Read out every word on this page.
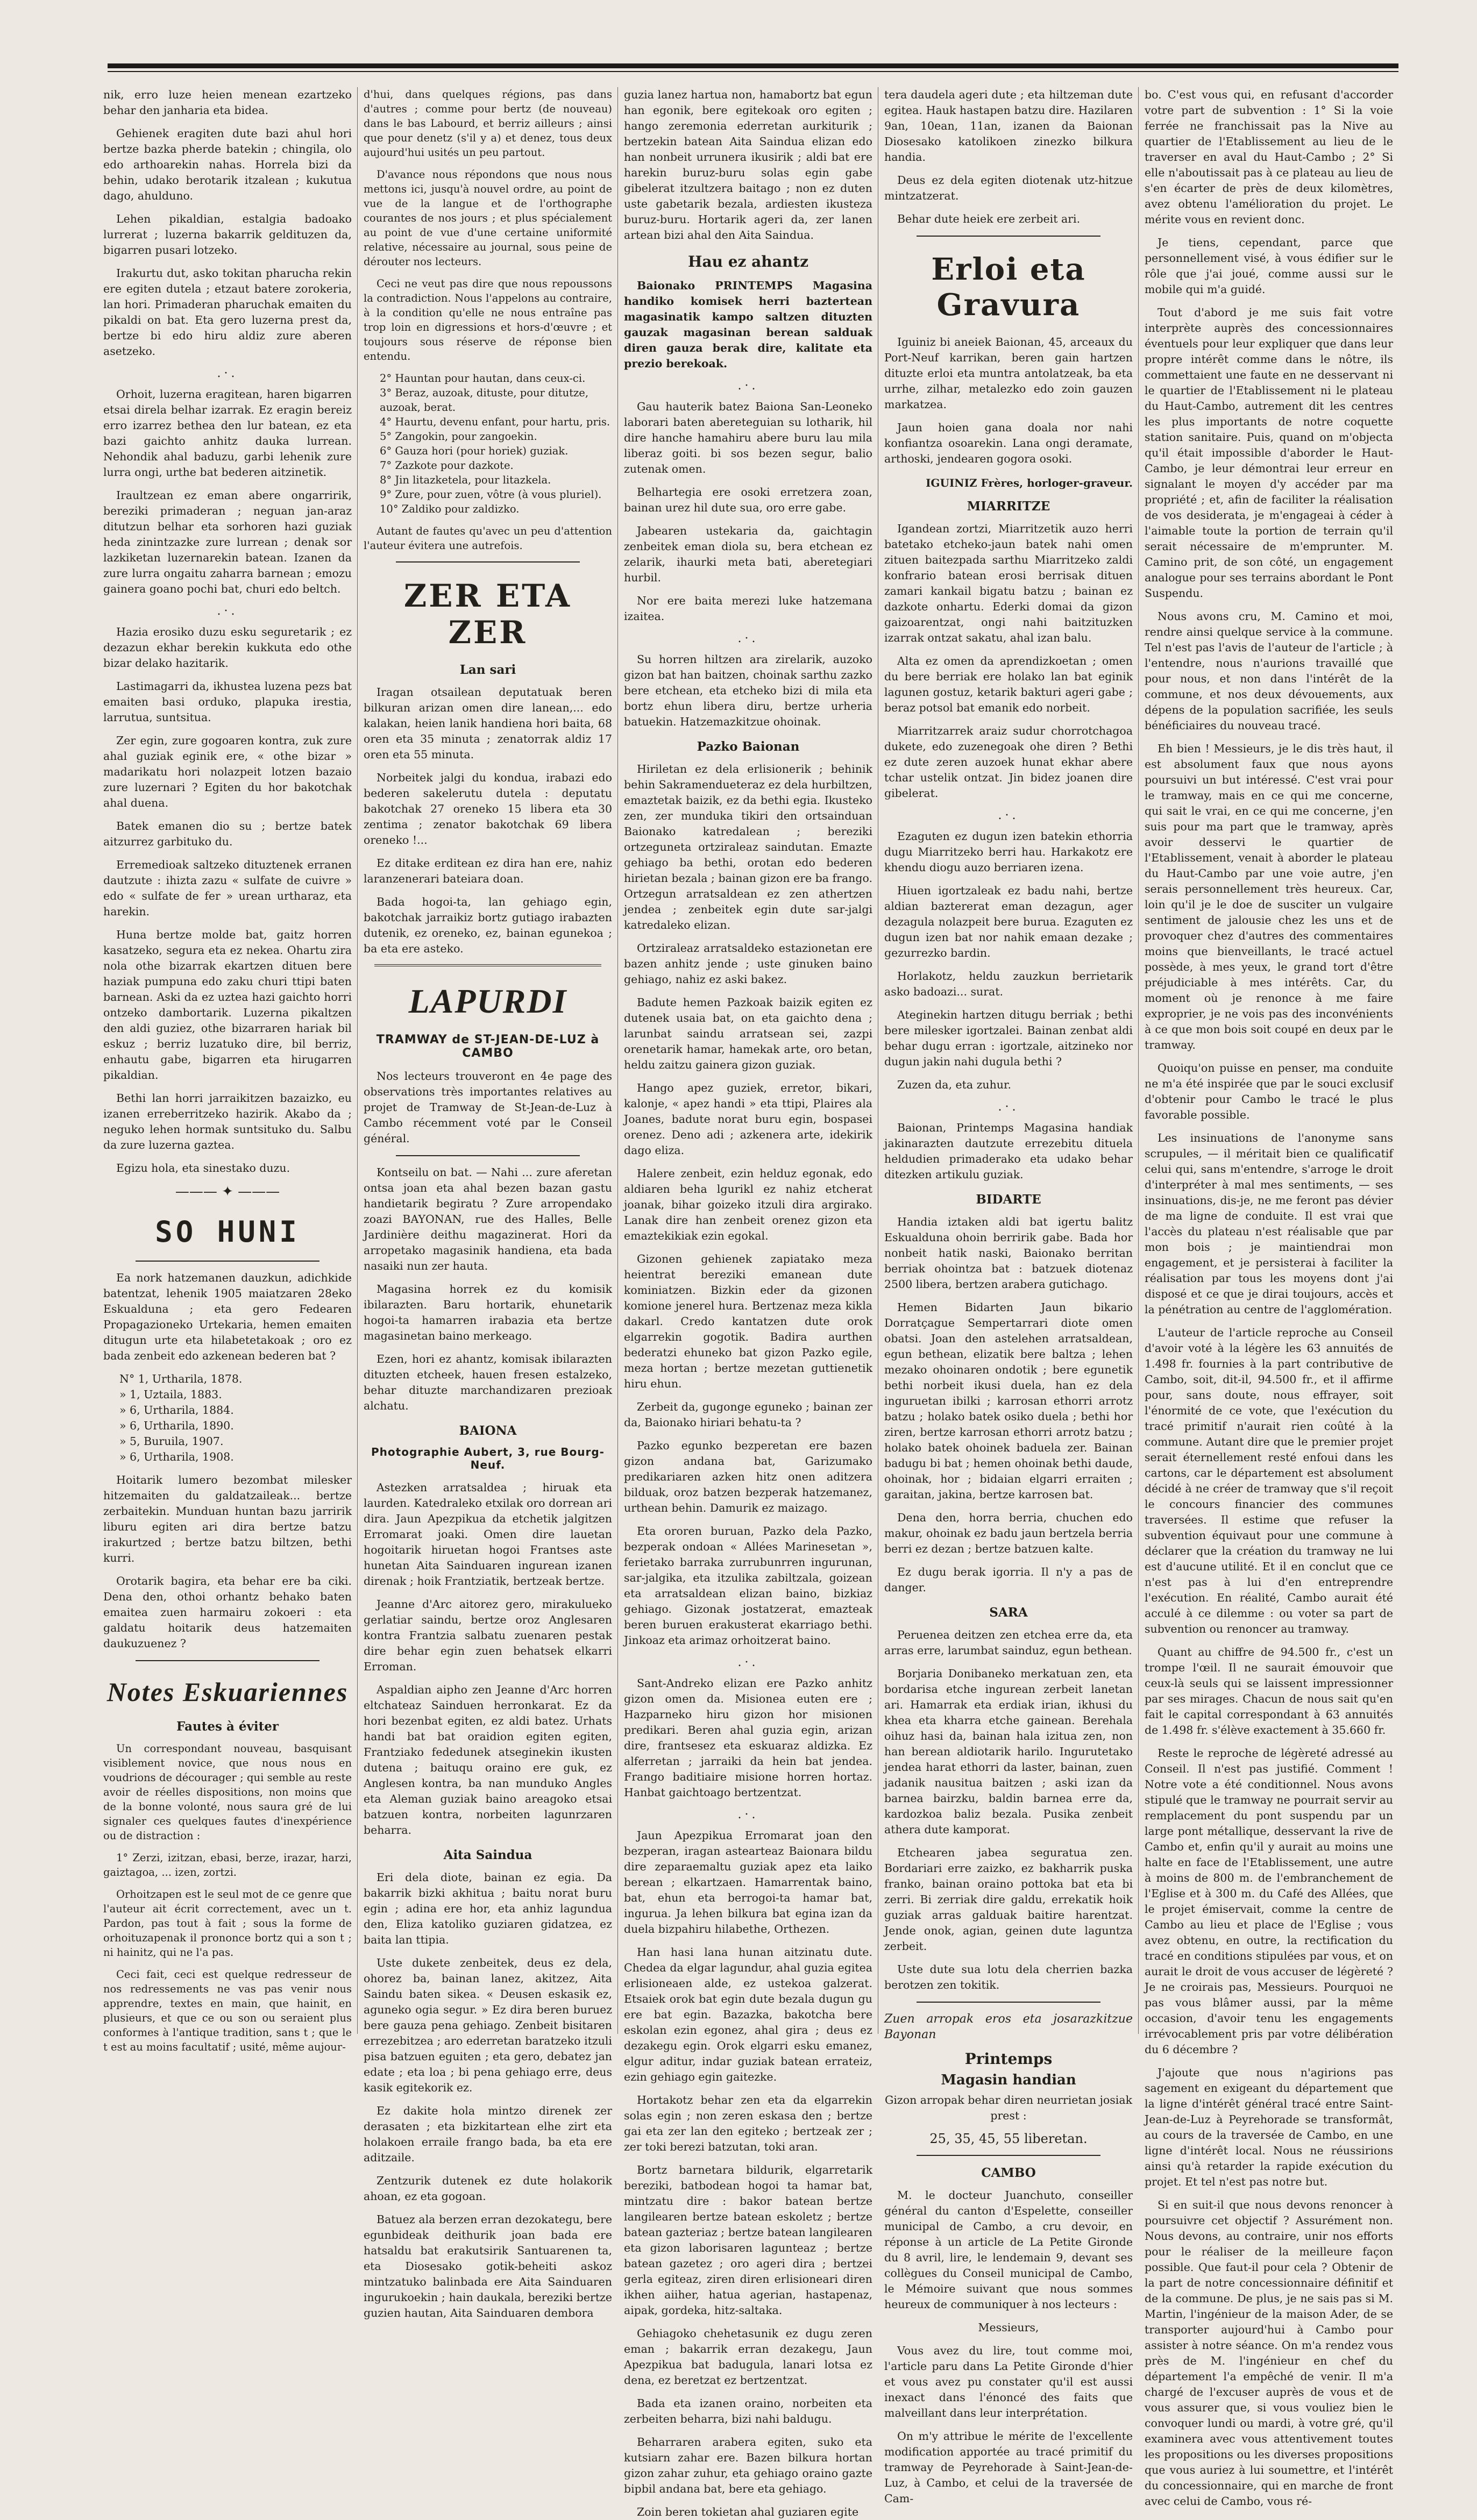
nik, erro luze heien menean ezartzeko behar den janharia eta bidea.

Gehienek eragiten dute bazi ahul hori bertze bazka pherde batekin ; chingila, olo edo arthoarekin nahas. Horrela bizi da behin, udako berotarik itzalean ; kukutua dago, ahulduno.

Lehen pikaldian, estalgia badoako lurrerat ; luzerna bakarrik geldituzen da, bigarren pusari lotzeko.

Irakurtu dut, asko tokitan pharucha rekin ere egiten dutela ; etzaut batere zorokeria, lan hori. Primaderan pharuchak emaiten du pikaldi on bat. Eta gero luzerna prest da, bertze bi edo hiru aldiz zure aberen asetzeko.

.·.

Orhoit, luzerna eragitean, haren bigarren etsai direla belhar izarrak. Ez eragin bereiz erro izarrez bethea den lur batean, ez eta bazi gaichto anhitz dauka lurrean. Nehondik ahal baduzu, garbi lehenik zure lurra ongi, urthe bat bederen aitzinetik.

Iraultzean ez eman abere ongarririk, bereziki primaderan ; neguan jan-araz ditutzun belhar eta sorhoren hazi guziak heda zinintzazke zure lurrean ; denak sor lazkiketan luzernarekin batean. Izanen da zure lurra ongaitu zaharra barnean ; emozu gainera goano pochi bat, churi edo beltch.

.·.

Hazia erosiko duzu esku seguretarik ; ez dezazun ekhar berekin kukkuta edo othe bizar delako hazitarik.

Lastimagarri da, ikhustea luzena pezs bat emaiten basi orduko, plapuka irestia, larrutua, suntsitua.

Zer egin, zure gogoaren kontra, zuk zure ahal guziak eginik ere, « othe bizar » madarikatu hori nolazpeit lotzen bazaio zure luzernari ? Egiten du hor bakotchak ahal duena.

Batek emanen dio su ; bertze batek aitzurrez garbituko du.

Erremedioak saltzeko dituztenek erranen dautzute : ihizta zazu « sulfate de cuivre » edo « sulfate de fer » urean urtharaz, eta harekin.

Huna bertze molde bat, gaitz horren kasatzeko, segura eta ez nekea. Ohartu zira nola othe bizarrak ekartzen dituen bere haziak pumpuna edo zaku churi ttipi baten barnean. Aski da ez uztea hazi gaichto horri ontzeko dambortarik. Luzerna pikaltzen den aldi guziez, othe bizarraren hariak bil eskuz ; berriz luzatuko dire, bil berriz, enhautu gabe, bigarren eta hirugarren pikaldian.

Bethi lan horri jarraikitzen bazaizko, eu izanen erreberritzeko hazirik. Akabo da ; neguko lehen hormak suntsituko du. Salbu da zure luzerna gaztea.

Egizu hola, eta sinestako duzu.

——— ✦ ———
SO HUNI

Ea nork hatzemanen dauzkun, adichkide batentzat, lehenik 1905 maiatzaren 28eko Eskualduna ; eta gero Fedearen Propagazioneko Urtekaria, hemen emaiten ditugun urte eta hilabetetakoak ; oro ez bada zenbeit edo azkenean bederen bat ?

N° 1, Urtharila, 1878.
» 1, Uztaila, 1883.
» 6, Urtharila, 1884.
» 6, Urtharila, 1890.
» 5, Buruila, 1907.
» 6, Urtharila, 1908.

Hoitarik lumero bezombat milesker hitzemaiten du galdatzaileak... bertze zerbaitekin. Munduan huntan bazu jarririk liburu egiten ari dira bertze batzu irakurtzed ; bertze batzu biltzen, bethi kurri.

Orotarik bagira, eta behar ere ba ciki. Dena den, othoi orhantz behako baten emaitea zuen harmairu zokoeri : eta galdatu hoitarik deus hatzemaiten daukuzuenez ?

Notes Eskuariennes
Fautes à éviter

Un correspondant nouveau, basquisant visiblement novice, que nous nous en voudrions de décourager ; qui semble au reste avoir de réelles dispositions, non moins que de la bonne volonté, nous saura gré de lui signaler ces quelques fautes d'inexpérience ou de distraction :

1° Zerzi, izitzan, ebasi, berze, irazar, harzi, gaiztagoa, ... izen, zortzi.

Orhoitzapen est le seul mot de ce genre que l'auteur ait écrit correctement, avec un t. Pardon, pas tout à fait ; sous la forme de orhoituzapenak il prononce bortz qui a son t ; ni hainitz, qui ne l'a pas.

Ceci fait, ceci est quelque redresseur de nos redressements ne vas pas venir nous apprendre, textes en main, que hainit, en plusieurs, et que ce ou son ou seraient plus conformes à l'antique tradition, sans t ; que le t est au moins facultatif ; usité, même aujour-

d'hui, dans quelques régions, pas dans d'autres ; comme pour bertz (de nouveau) dans le bas Labourd, et berriz ailleurs ; ainsi que pour denetz (s'il y a) et denez, tous deux aujourd'hui usités un peu partout.

D'avance nous répondons que nous nous mettons ici, jusqu'à nouvel ordre, au point de vue de la langue et de l'orthographe courantes de nos jours ; et plus spécialement au point de vue d'une certaine uniformité relative, nécessaire au journal, sous peine de dérouter nos lecteurs.

Ceci ne veut pas dire que nous repoussons la contradiction. Nous l'appelons au contraire, à la condition qu'elle ne nous entraîne pas trop loin en digressions et hors-d'œuvre ; et toujours sous réserve de réponse bien entendu.

2° Hauntan pour hautan, dans ceux-ci.
3° Beraz, auzoak, dituste, pour ditutze, auzoak, berat.
4° Haurtu, devenu enfant, pour hartu, pris.
5° Zangokin, pour zangoekin.
6° Gauza hori (pour horiek) guziak.
7° Zazkote pour dazkote.
8° Jin litazketela, pour litazkela.
9° Zure, pour zuen, vôtre (à vous pluriel).
10° Zaldiko pour zaldizko.

Autant de fautes qu'avec un peu d'attention l'auteur évitera une autrefois.

ZER ETA ZER
Lan sari

Iragan otsailean deputatuak beren bilkuran arizan omen dire lanean,... edo kalakan, heien lanik handiena hori baita, 68 oren eta 35 minuta ; zenatorrak aldiz 17 oren eta 55 minuta.

Norbeitek jalgi du kondua, irabazi edo bederen sakelerutu dutela : deputatu bakotchak 27 oreneko 15 libera eta 30 zentima ; zenator bakotchak 69 libera oreneko !...

Ez ditake erditean ez dira han ere, nahiz laranzenerari bateiara doan.

Bada hogoi-ta, lan gehiago egin, bakotchak jarraikiz bortz gutiago irabazten dutenik, ez oreneko, ez, bainan egunekoa ; ba eta ere asteko.

LAPURDI
TRAMWAY de ST-JEAN-DE-LUZ à CAMBO

Nos lecteurs trouveront en 4e page des observations très importantes relatives au projet de Tramway de St-Jean-de-Luz à Cambo récemment voté par le Conseil général.

Kontseilu on bat. — Nahi ... zure aferetan ontsa joan eta ahal bezen bazan gastu handietarik begiratu ? Zure arropendako zoazi BAYONAN, rue des Halles, Belle Jardinière deithu magazinerat. Hori da arropetako magasinik handiena, eta bada nasaiki nun zer hauta.

Magasina horrek ez du komisik ibilarazten. Baru hortarik, ehunetarik hogoi-ta hamarren irabazia eta bertze magasinetan baino merkeago.

Ezen, hori ez ahantz, komisak ibilarazten dituzten etcheek, hauen fresen estalzeko, behar dituzte marchandizaren prezioak alchatu.

BAIONA
Photographie Aubert, 3, rue Bourg-Neuf.

Astezken arratsaldea ; hiruak eta laurden. Katedraleko etxilak oro dorrean ari dira. Jaun Apezpikua da etchetik jalgitzen Erromarat joaki. Omen dire lauetan hogoitarik hiruetan hogoi Frantses aste hunetan Aita Sainduaren ingurean izanen direnak ; hoik Frantziatik, bertzeak bertze.

Jeanne d'Arc aitorez gero, mirakulueko gerlatiar saindu, bertze oroz Anglesaren kontra Frantzia salbatu zuenaren pestak dire behar egin zuen behatsek elkarri Erroman.

Aspaldian aipho zen Jeanne d'Arc horren eltchateaz Sainduen herronkarat. Ez da hori bezenbat egiten, ez aldi batez. Urhats handi bat bat oraidion egiten egiten, Frantziako fededunek atseginekin ikusten dutena ; baituqu oraino ere guk, ez Anglesen kontra, ba nan munduko Angles eta Aleman guziak baino areagoko etsai batzuen kontra, norbeiten lagunrzaren beharra.

Aita Saindua

Eri dela diote, bainan ez egia. Da bakarrik bizki akhitua ; baitu norat buru egin ; adina ere hor, eta anhiz lagundua den, Eliza katoliko guziaren gidatzea, ez baita lan ttipia.

Uste dukete zenbeitek, deus ez dela, ohorez ba, bainan lanez, akitzez, Aita Saindu baten sikea. « Deusen eskasik ez, aguneko ogia segur. » Ez dira beren buruez bere gauza pena gehiago. Zenbeit bisitaren errezebitzea ; aro ederretan baratzeko itzuli pisa batzuen eguiten ; eta gero, debatez jan edate ; eta loa ; bi pena gehiago erre, deus kasik egitekorik ez.

Ez dakite hola mintzo direnek zer derasaten ; eta bizkitartean elhe zirt eta holakoen erraile frango bada, ba eta ere aditzaile.

Zentzurik dutenek ez dute holakorik ahoan, ez eta gogoan.

Batuez ala berzen erran dezokategu, bere egunbideak deithurik joan bada ere hatsaldu bat erakutsirik Santuarenen ta, eta Diosesako gotik-beheiti askoz mintzatuko balinbada ere Aita Sainduaren ingurukoekin ; hain daukala, bereziki bertze guzien hautan, Aita Sainduaren dembora

guzia lanez hartua non, hamabortz bat egun han egonik, bere egitekoak oro egiten ; hango zeremonia ederretan aurkiturik ; bertzekin batean Aita Saindua elizan edo han nonbeit urrunera ikusirik ; aldi bat ere harekin buruz-buru solas egin gabe gibelerat itzultzera baitago ; non ez duten uste gabetarik bezala, ardiesten ikusteza buruz-buru. Hortarik ageri da, zer lanen artean bizi ahal den Aita Saindua.

Hau ez ahantz

Baionako PRINTEMPS Magasina handiko komisek herri baztertean magasinatik kampo saltzen dituzten gauzak magasinan berean salduak diren gauza berak dire, kalitate eta prezio berekoak.

.·.

Gau hauterik batez Baiona San-Leoneko laborari baten abereteguian su lotharik, hil dire hanche hamahiru abere buru lau mila liberaz goiti. bi sos bezen segur, balio zutenak omen.

Belhartegia ere osoki erretzera zoan, bainan urez hil dute sua, oro erre gabe.

Jabearen ustekaria da, gaichtagin zenbeitek eman diola su, bera etchean ez zelarik, ihaurki meta bati, aberetegiari hurbil.

Nor ere baita merezi luke hatzemana izaitea.

.·.

Su horren hiltzen ara zirelarik, auzoko gizon bat han baitzen, choinak sarthu zazko bere etchean, eta etcheko bizi di mila eta bortz ehun libera diru, bertze urheria batuekin. Hatzemazkitzue ohoinak.

Pazko Baionan

Hiriletan ez dela erlisionerik ; behinik behin Sakramendueteraz ez dela hurbiltzen, emaztetak baizik, ez da bethi egia. Ikusteko zen, zer munduka tikiri den ortsainduan Baionako katredalean ; bereziki ortzeguneta ortziraleaz saindutan. Emazte gehiago ba bethi, orotan edo bederen hirietan bezala ; bainan gizon ere ba frango. Ortzegun arratsaldean ez zen athertzen jendea ; zenbeitek egin dute sar-jalgi katredaleko elizan.

Ortziraleaz arratsaldeko estazionetan ere bazen anhitz jende ; uste ginuken baino gehiago, nahiz ez aski bakez.

Badute hemen Pazkoak baizik egiten ez dutenek usaia bat, on eta gaichto dena ; larunbat saindu arratsean sei, zazpi orenetarik hamar, hamekak arte, oro betan, heldu zaitzu gainera gizon guziak.

Hango apez guziek, erretor, bikari, kalonje, « apez handi » eta ttipi, Plaires ala Joanes, badute norat buru egin, bospasei orenez. Deno adi ; azkenera arte, idekirik dago eliza.

Halere zenbeit, ezin helduz egonak, edo aldiaren beha lgurikl ez nahiz etcherat joanak, bihar goizeko itzuli dira argirako. Lanak dire han zenbeit orenez gizon eta emaztekikiak ezin egokal.

Gizonen gehienek zapiatako meza heientrat bereziki emanean dute kominiatzen. Bizkin eder da gizonen komione jenerel hura. Bertzenaz meza kikla dakarl. Credo kantatzen dute orok elgarrekin gogotik. Badira aurthen bederatzi ehuneko bat gizon Pazko egile, meza hortan ; bertze mezetan guttienetik hiru ehun.

Zerbeit da, gugonge eguneko ; bainan zer da, Baionako hiriari behatu-ta ?

Pazko egunko bezperetan ere bazen gizon andana bat, Garizumako predikariaren azken hitz onen aditzera bilduak, oroz batzen bezperak hatzemanez, urthean behin. Damurik ez maizago.

Eta ororen buruan, Pazko dela Pazko, bezperak ondoan « Allées Marinesetan », ferietako barraka zurrubunrren ingurunan, sar-jalgika, eta itzulika zabiltzala, goizean eta arratsaldean elizan baino, bizkiaz gehiago. Gizonak jostatzerat, emazteak beren buruen erakusterat ekarriago bethi. Jinkoaz eta arimaz orhoitzerat baino.

.·.

Sant-Andreko elizan ere Pazko anhitz gizon omen da. Misionea euten ere ; Hazparneko hiru gizon hor misionen predikari. Beren ahal guzia egin, arizan dire, frantsesez eta eskuaraz aldizka. Ez alferretan ; jarraiki da hein bat jendea. Frango baditiaire misione horren hortaz. Hanbat gaichtoago bertzentzat.

.·.

Jaun Apezpikua Erromarat joan den bezperan, iragan astearteaz Baionara bildu dire zeparaemaltu guziak apez eta laiko berean ; elkartzaen. Hamarrentak baino, bat, ehun eta berrogoi-ta hamar bat, ingurua. Ja lehen bilkura bat egina izan da duela bizpahiru hilabethe, Orthezen.

Han hasi lana hunan aitzinatu dute. Chedea da elgar lagundur, ahal guzia egitea erlisioneaen alde, ez ustekoa galzerat. Etsaiek orok bat egin dute bezala dugun gu ere bat egin. Bazazka, bakotcha bere eskolan ezin egonez, ahal gira ; deus ez dezakegu egin. Orok elgarri esku emanez, elgur aditur, indar guziak batean errateiz, ezin gehiago egin gaitezke.

Hortakotz behar zen eta da elgarrekin solas egin ; non zeren eskasa den ; bertze gai eta zer lan den egiteko ; bertzeak zer ; zer toki berezi batzutan, toki aran.

Bortz barnetara bildurik, elgarretarik bereziki, batbodean hogoi ta hamar bat, mintzatu dire : bakor batean bertze langilearen bertze batean eskoletz ; bertze batean gazteriaz ; bertze batean langilearen eta gizon laborisaren lagunteaz ; bertze batean gazetez ; oro ageri dira ; bertzei gerla egiteaz, ziren diren erlisioneari diren ikhen aiiher, hatua agerian, hastapenaz, aipak, gordeka, hitz-saltaka.

Gehiagoko chehetasunik ez dugu zeren eman ; bakarrik erran dezakegu, Jaun Apezpikua bat badugula, lanari lotsa ez dena, ez beretzat ez bertzentzat.

Bada eta izanen oraino, norbeiten eta zerbeiten beharra, bizi nahi baldugu.

Beharraren arabera egiten, suko eta kutsiarn zahar ere. Bazen bilkura hortan gizon zahar zuhur, eta gehiago oraino gazte bipbil andana bat, bere eta gehiago.

Zoin beren tokietan ahal guziaren egite

tera daudela ageri dute ; eta hiltzeman dute egitea. Hauk hastapen batzu dire. Hazilaren 9an, 10ean, 11an, izanen da Baionan Diosesako katolikoen zinezko bilkura handia.

Deus ez dela egiten diotenak utz-hitzue mintzatzerat.

Behar dute heiek ere zerbeit ari.

Erloi eta Gravura

Iguiniz bi aneiek Baionan, 45, arceaux du Port-Neuf karrikan, beren gain hartzen dituzte erloi eta muntra antolatzeak, ba eta urrhe, zilhar, metalezko edo zoin gauzen markatzea.

Jaun hoien gana doala nor nahi konfiantza osoarekin. Lana ongi deramate, arthoski, jendearen gogora osoki.

IGUINIZ Frères, horloger-graveur.
MIARRITZE

Igandean zortzi, Miarritzetik auzo herri batetako etcheko-jaun batek nahi omen zituen baitezpada sarthu Miarritzeko zaldi konfrario batean erosi berrisak dituen zamari kankail bigatu batzu ; bainan ez dazkote onhartu. Ederki domai da gizon gaizoarentzat, ongi nahi baitzituzken izarrak ontzat sakatu, ahal izan balu.

Alta ez omen da aprendizkoetan ; omen du bere berriak ere holako lan bat eginik lagunen gostuz, ketarik bakturi ageri gabe ; beraz potsol bat emanik edo norbeit.

Miarritzarrek araiz sudur chorrotchagoa dukete, edo zuzenegoak ohe diren ? Bethi ez dute zeren auzoek hunat ekhar abere tchar ustelik ontzat. Jin bidez joanen dire gibelerat.

.·.

Ezaguten ez dugun izen batekin ethorria dugu Miarritzeko berri hau. Harkakotz ere khendu diogu auzo berriaren izena.

Hiuen igortzaleak ez badu nahi, bertze aldian baztererat eman dezagun, ager dezagula nolazpeit bere burua. Ezaguten ez dugun izen bat nor nahik emaan dezake ; gezurrezko bardin.

Horlakotz, heldu zauzkun berrietarik asko badoazi... surat.

Ateginekin hartzen ditugu berriak ; bethi bere milesker igortzalei. Bainan zenbat aldi behar dugu erran : igortzale, aitzineko nor dugun jakin nahi dugula bethi ?

Zuzen da, eta zuhur.

.·.

Baionan, Printemps Magasina handiak jakinarazten dautzute errezebitu dituela heldudien primaderako eta udako behar ditezken artikulu guziak.

BIDARTE

Handia iztaken aldi bat igertu balitz Eskualduna ohoin berririk gabe. Bada hor nonbeit hatik naski, Baionako berritan berriak ohointza bat : batzuek diotenaz 2500 libera, bertzen arabera gutichago.

Hemen Bidarten Jaun bikario Dorratçague Sempertarrari diote omen obatsi. Joan den astelehen arratsaldean, egun bethean, elizatik bere baltza ; lehen mezako ohoinaren ondotik ; bere egunetik bethi norbeit ikusi duela, han ez dela inguruetan ibilki ; karrosan ethorri arrotz batzu ; holako batek osiko duela ; bethi hor ziren, bertze karrosan ethorri arrotz batzu ; holako batek ohoinek baduela zer. Bainan badugu bi bat ; hemen ohoinak bethi daude, ohoinak, hor ; bidaian elgarri erraiten ; garaitan, jakina, bertze karrosen bat.

Dena den, horra berria, chuchen edo makur, ohoinak ez badu jaun bertzela berria berri ez dezan ; bertze batzuen kalte.

Ez dugu berak igorria. Il n'y a pas de danger.

SARA

Peruenea deitzen zen etchea erre da, eta arras erre, larumbat sainduz, egun bethean.

Borjaria Donibaneko merkatuan zen, eta bordarisa etche ingurean zerbeit lanetan ari. Hamarrak eta erdiak irian, ikhusi du khea eta kharra etche gainean. Berehala oihuz hasi da, bainan hala izitua zen, non han berean aldiotarik harilo. Ingurutetako jendea harat ethorri da laster, bainan, zuen jadanik nausitua baitzen ; aski izan da barnea bairzku, baldin barnea erre da, kardozkoa baliz bezala. Pusika zenbeit athera dute kamporat.

Etchearen jabea seguratua zen. Bordariari erre zaizko, ez bakharrik puska franko, bainan oraino pottoka bat eta bi zerri. Bi zerriak dire galdu, errekatik hoik guziak arras galduak baitire harentzat. Jende onok, agian, geinen dute laguntza zerbeit.

Uste dute sua lotu dela cherrien bazka berotzen zen tokitik.

Zuen arropak eros eta josarazkitzue Bayonan

Printemps
Magasin handian

Gizon arropak behar diren neurrietan josiak prest :

25, 35, 45, 55 liberetan.
CAMBO

M. le docteur Juanchuto, conseiller général du canton d'Espelette, conseiller municipal de Cambo, a cru devoir, en réponse à un article de La Petite Gironde du 8 avril, lire, le lendemain 9, devant ses collègues du Conseil municipal de Cambo, le Mémoire suivant que nous sommes heureux de communiquer à nos lecteurs :

Messieurs,

Vous avez du lire, tout comme moi, l'article paru dans La Petite Gironde d'hier et vous avez pu constater qu'il est aussi inexact dans l'énoncé des faits que malveillant dans leur interprétation.

On m'y attribue le mérite de l'excellente modification apportée au tracé primitif du tramway de Peyrehorade à Saint-Jean-de-Luz, à Cambo, et celui de la traversée de Cam-

bo. C'est vous qui, en refusant d'accorder votre part de subvention : 1° Si la voie ferrée ne franchissait pas la Nive au quartier de l'Etablissement au lieu de le traverser en aval du Haut-Cambo ; 2° Si elle n'aboutissait pas à ce plateau au lieu de s'en écarter de près de deux kilomètres, avez obtenu l'amélioration du projet. Le mérite vous en revient donc.

Je tiens, cependant, parce que personnellement visé, à vous édifier sur le rôle que j'ai joué, comme aussi sur le mobile qui m'a guidé.

Tout d'abord je me suis fait votre interprète auprès des concessionnaires éventuels pour leur expliquer que dans leur propre intérêt comme dans le nôtre, ils commettaient une faute en ne desservant ni le quartier de l'Etablissement ni le plateau du Haut-Cambo, autrement dit les centres les plus importants de notre coquette station sanitaire. Puis, quand on m'objecta qu'il était impossible d'aborder le Haut-Cambo, je leur démontrai leur erreur en signalant le moyen d'y accéder par ma propriété ; et, afin de faciliter la réalisation de vos desiderata, je m'engageai à céder à l'aimable toute la portion de terrain qu'il serait nécessaire de m'emprunter. M. Camino prit, de son côté, un engagement analogue pour ses terrains abordant le Pont Suspendu.

Nous avons cru, M. Camino et moi, rendre ainsi quelque service à la commune. Tel n'est pas l'avis de l'auteur de l'article ; à l'entendre, nous n'aurions travaillé que pour nous, et non dans l'intérêt de la commune, et nos deux dévouements, aux dépens de la population sacrifiée, les seuls bénéficiaires du nouveau tracé.

Eh bien ! Messieurs, je le dis très haut, il est absolument faux que nous ayons poursuivi un but intéressé. C'est vrai pour le tramway, mais en ce qui me concerne, qui sait le vrai, en ce qui me concerne, j'en suis pour ma part que le tramway, après avoir desservi le quartier de l'Etablissement, venait à aborder le plateau du Haut-Cambo par une voie autre, j'en serais personnellement très heureux. Car, loin qu'il je le doe de susciter un vulgaire sentiment de jalousie chez les uns et de provoquer chez d'autres des commentaires moins que bienveillants, le tracé actuel possède, à mes yeux, le grand tort d'être préjudiciable à mes intérêts. Car, du moment où je renonce à me faire exproprier, je ne vois pas des inconvénients à ce que mon bois soit coupé en deux par le tramway.

Quoiqu'on puisse en penser, ma conduite ne m'a été inspirée que par le souci exclusif d'obtenir pour Cambo le tracé le plus favorable possible.

Les insinuations de l'anonyme sans scrupules, — il méritait bien ce qualificatif celui qui, sans m'entendre, s'arroge le droit d'interpréter à mal mes sentiments, — ses insinuations, dis-je, ne me feront pas dévier de ma ligne de conduite. Il est vrai que l'accès du plateau n'est réalisable que par mon bois ; je maintiendrai mon engagement, et je persisterai à faciliter la réalisation par tous les moyens dont j'ai disposé et ce que je dirai toujours, accès et la pénétration au centre de l'agglomération.

L'auteur de l'article reproche au Conseil d'avoir voté à la légère les 63 annuités de 1.498 fr. fournies à la part contributive de Cambo, soit, dit-il, 94.500 fr., et il affirme pour, sans doute, nous effrayer, soit l'énormité de ce vote, que l'exécution du tracé primitif n'aurait rien coûté à la commune. Autant dire que le premier projet serait éternellement resté enfoui dans les cartons, car le département est absolument décidé à ne créer de tramway que s'il reçoit le concours financier des communes traversées. Il estime que refuser la subvention équivaut pour une commune à déclarer que la création du tramway ne lui est d'aucune utilité. Et il en conclut que ce n'est pas à lui d'en entreprendre l'exécution. En réalité, Cambo aurait été acculé à ce dilemme : ou voter sa part de subvention ou renoncer au tramway.

Quant au chiffre de 94.500 fr., c'est un trompe l'œil. Il ne saurait émouvoir que ceux-là seuls qui se laissent impressionner par ses mirages. Chacun de nous sait qu'en fait le capital correspondant à 63 annuités de 1.498 fr. s'élève exactement à 35.660 fr.

Reste le reproche de légèreté adressé au Conseil. Il n'est pas justifié. Comment ! Notre vote a été conditionnel. Nous avons stipulé que le tramway ne pourrait servir au remplacement du pont suspendu par un large pont métallique, desservant la rive de Cambo et, enfin qu'il y aurait au moins une halte en face de l'Etablissement, une autre à moins de 800 m. de l'embranchement de l'Eglise et à 300 m. du Café des Allées, que le projet émiservait, comme la centre de Cambo au lieu et place de l'Eglise ; vous avez obtenu, en outre, la rectification du tracé en conditions stipulées par vous, et on aurait le droit de vous accuser de légèreté ? Je ne croirais pas, Messieurs. Pourquoi ne pas vous blâmer aussi, par la même occasion, d'avoir tenu les engagements irrévocablement pris par votre délibération du 6 décembre ?

J'ajoute que nous n'agirions pas sagement en exigeant du département que la ligne d'intérêt général tracé entre Saint-Jean-de-Luz à Peyrehorade se transformât, au cours de la traversée de Cambo, en une ligne d'intérêt local. Nous ne réussirions ainsi qu'à retarder la rapide exécution du projet. Et tel n'est pas notre but.

Si en suit-il que nous devons renoncer à poursuivre cet objectif ? Assurément non. Nous devons, au contraire, unir nos efforts pour le réaliser de la meilleure façon possible. Que faut-il pour cela ? Obtenir de la part de notre concessionnaire définitif et de la commune. De plus, je ne sais pas si M. Martin, l'ingénieur de la maison Ader, de se transporter aujourd'hui à Cambo pour assister à notre séance. On m'a rendez vous près de M. l'ingénieur en chef du département l'a empêché de venir. Il m'a chargé de l'excuser auprès de vous et de vous assurer que, si vous vouliez bien le convoquer lundi ou mardi, à votre gré, qu'il examinera avec vous attentivement toutes les propositions ou les diverses propositions que vous auriez à lui soumettre, et l'intérêt du concessionnaire, qui en marche de front avec celui de Cambo, vous ré-
